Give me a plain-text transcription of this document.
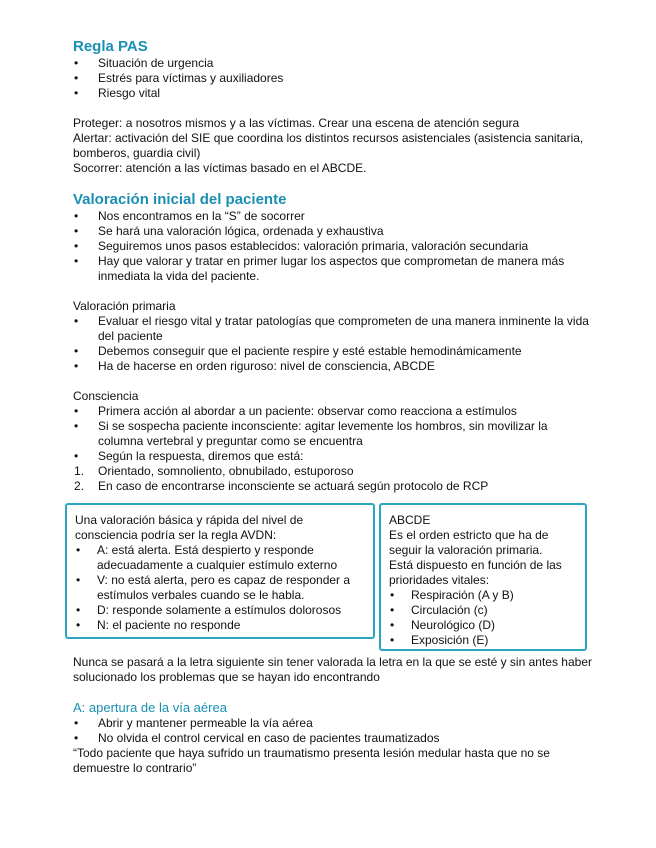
Regla PAS
• Situación de urgencia
• Estrés para víctimas y auxiliadores
• Riesgo vital

Proteger: a nosotros mismos y a las víctimas. Crear una escena de atención segura

Alertar: activación del SIE que coordina los distintos recursos asistenciales (asistencia sanitaria, bomberos, guardia civil)

Socorrer: atención a las víctimas basado en el ABCDE.

Valoración inicial del paciente
• Nos encontramos en la “S” de socorrer
• Se hará una valoración lógica, ordenada y exhaustiva
• Seguiremos unos pasos establecidos: valoración primaria, valoración secundaria
• Hay que valorar y tratar en primer lugar los aspectos que comprometan de manera más inmediata la vida del paciente.

Valoración primaria

• Evaluar el riesgo vital y tratar patologías que comprometen de una manera inminente la vida del paciente
• Debemos conseguir que el paciente respire y esté estable hemodinámicamente
• Ha de hacerse en orden riguroso: nivel de consciencia, ABCDE

Consciencia

• Primera acción al abordar a un paciente: observar como reacciona a estímulos
• Si se sospecha paciente inconsciente: agitar levemente los hombros, sin movilizar la columna vertebral y preguntar como se encuentra
• Según la respuesta, diremos que está:
1. Orientado, somnoliento, obnubilado, estuporoso
2. En caso de encontrarse inconsciente se actuará según protocolo de RCP

Una valoración básica y rápida del nivel de consciencia podría ser la regla AVDN:

• A: está alerta. Está despierto y responde adecuadamente a cualquier estímulo externo
• V: no está alerta, pero es capaz de responder a estímulos verbales cuando se le habla.
• D: responde solamente a estímulos dolorosos
• N: el paciente no responde

ABCDE

Es el orden estricto que ha de seguir la valoración primaria.

Está dispuesto en función de las prioridades vitales:

• Respiración (A y B)
• Circulación (c)
• Neurológico (D)
• Exposición (E)

Nunca se pasará a la letra siguiente sin tener valorada la letra en la que se esté y sin antes haber solucionado los problemas que se hayan ido encontrando

A: apertura de la vía aérea
• Abrir y mantener permeable la vía aérea
• No olvida el control cervical en caso de pacientes traumatizados

“Todo paciente que haya sufrido un traumatismo presenta lesión medular hasta que no se demuestre lo contrario”
